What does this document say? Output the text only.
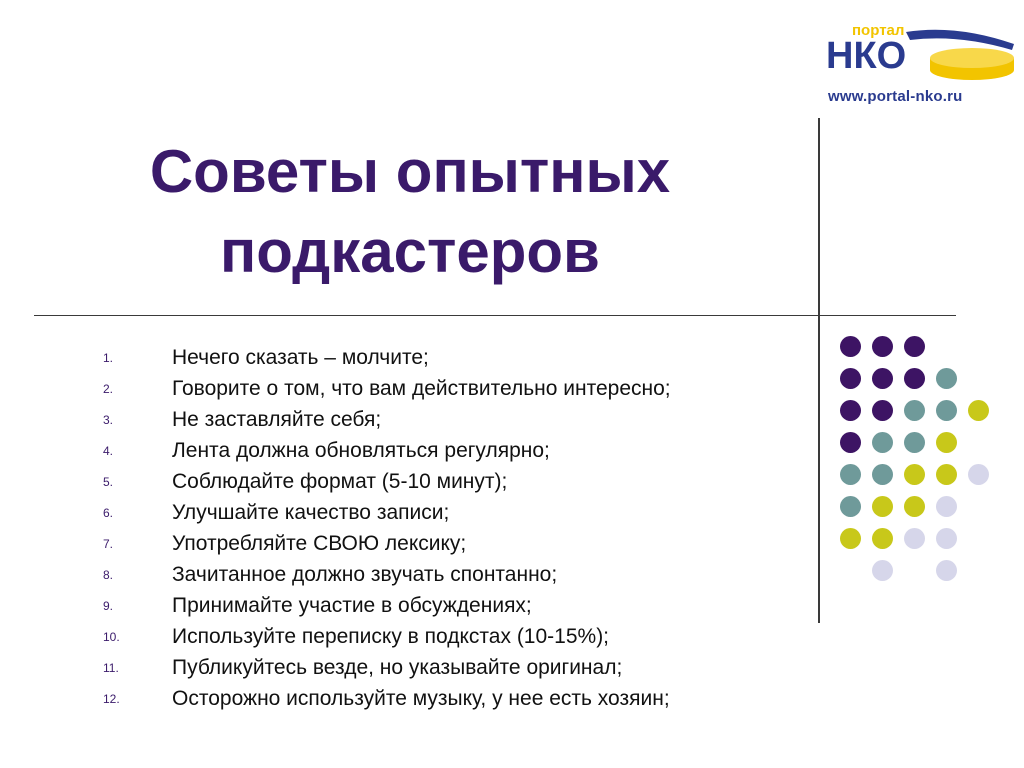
портал
НКО
www.portal-nko.ru
Советы опытных
подкастеров
1.	Нечего сказать – молчите;
2.	Говорите о том, что вам действительно интересно;
3.	Не заставляйте себя;
4.	Лента должна обновляться регулярно;
5.	Соблюдайте формат (5-10 минут);
6.	Улучшайте качество записи;
7.	Употребляйте СВОЮ лексику;
8.	Зачитанное должно звучать спонтанно;
9.	Принимайте участие в обсуждениях;
10. Используйте переписку в подкстах (10-15%);
11.	Публикуйтесь везде, но указывайте оригинал;
12. Осторожно используйте музыку, у нее есть хозяин;
